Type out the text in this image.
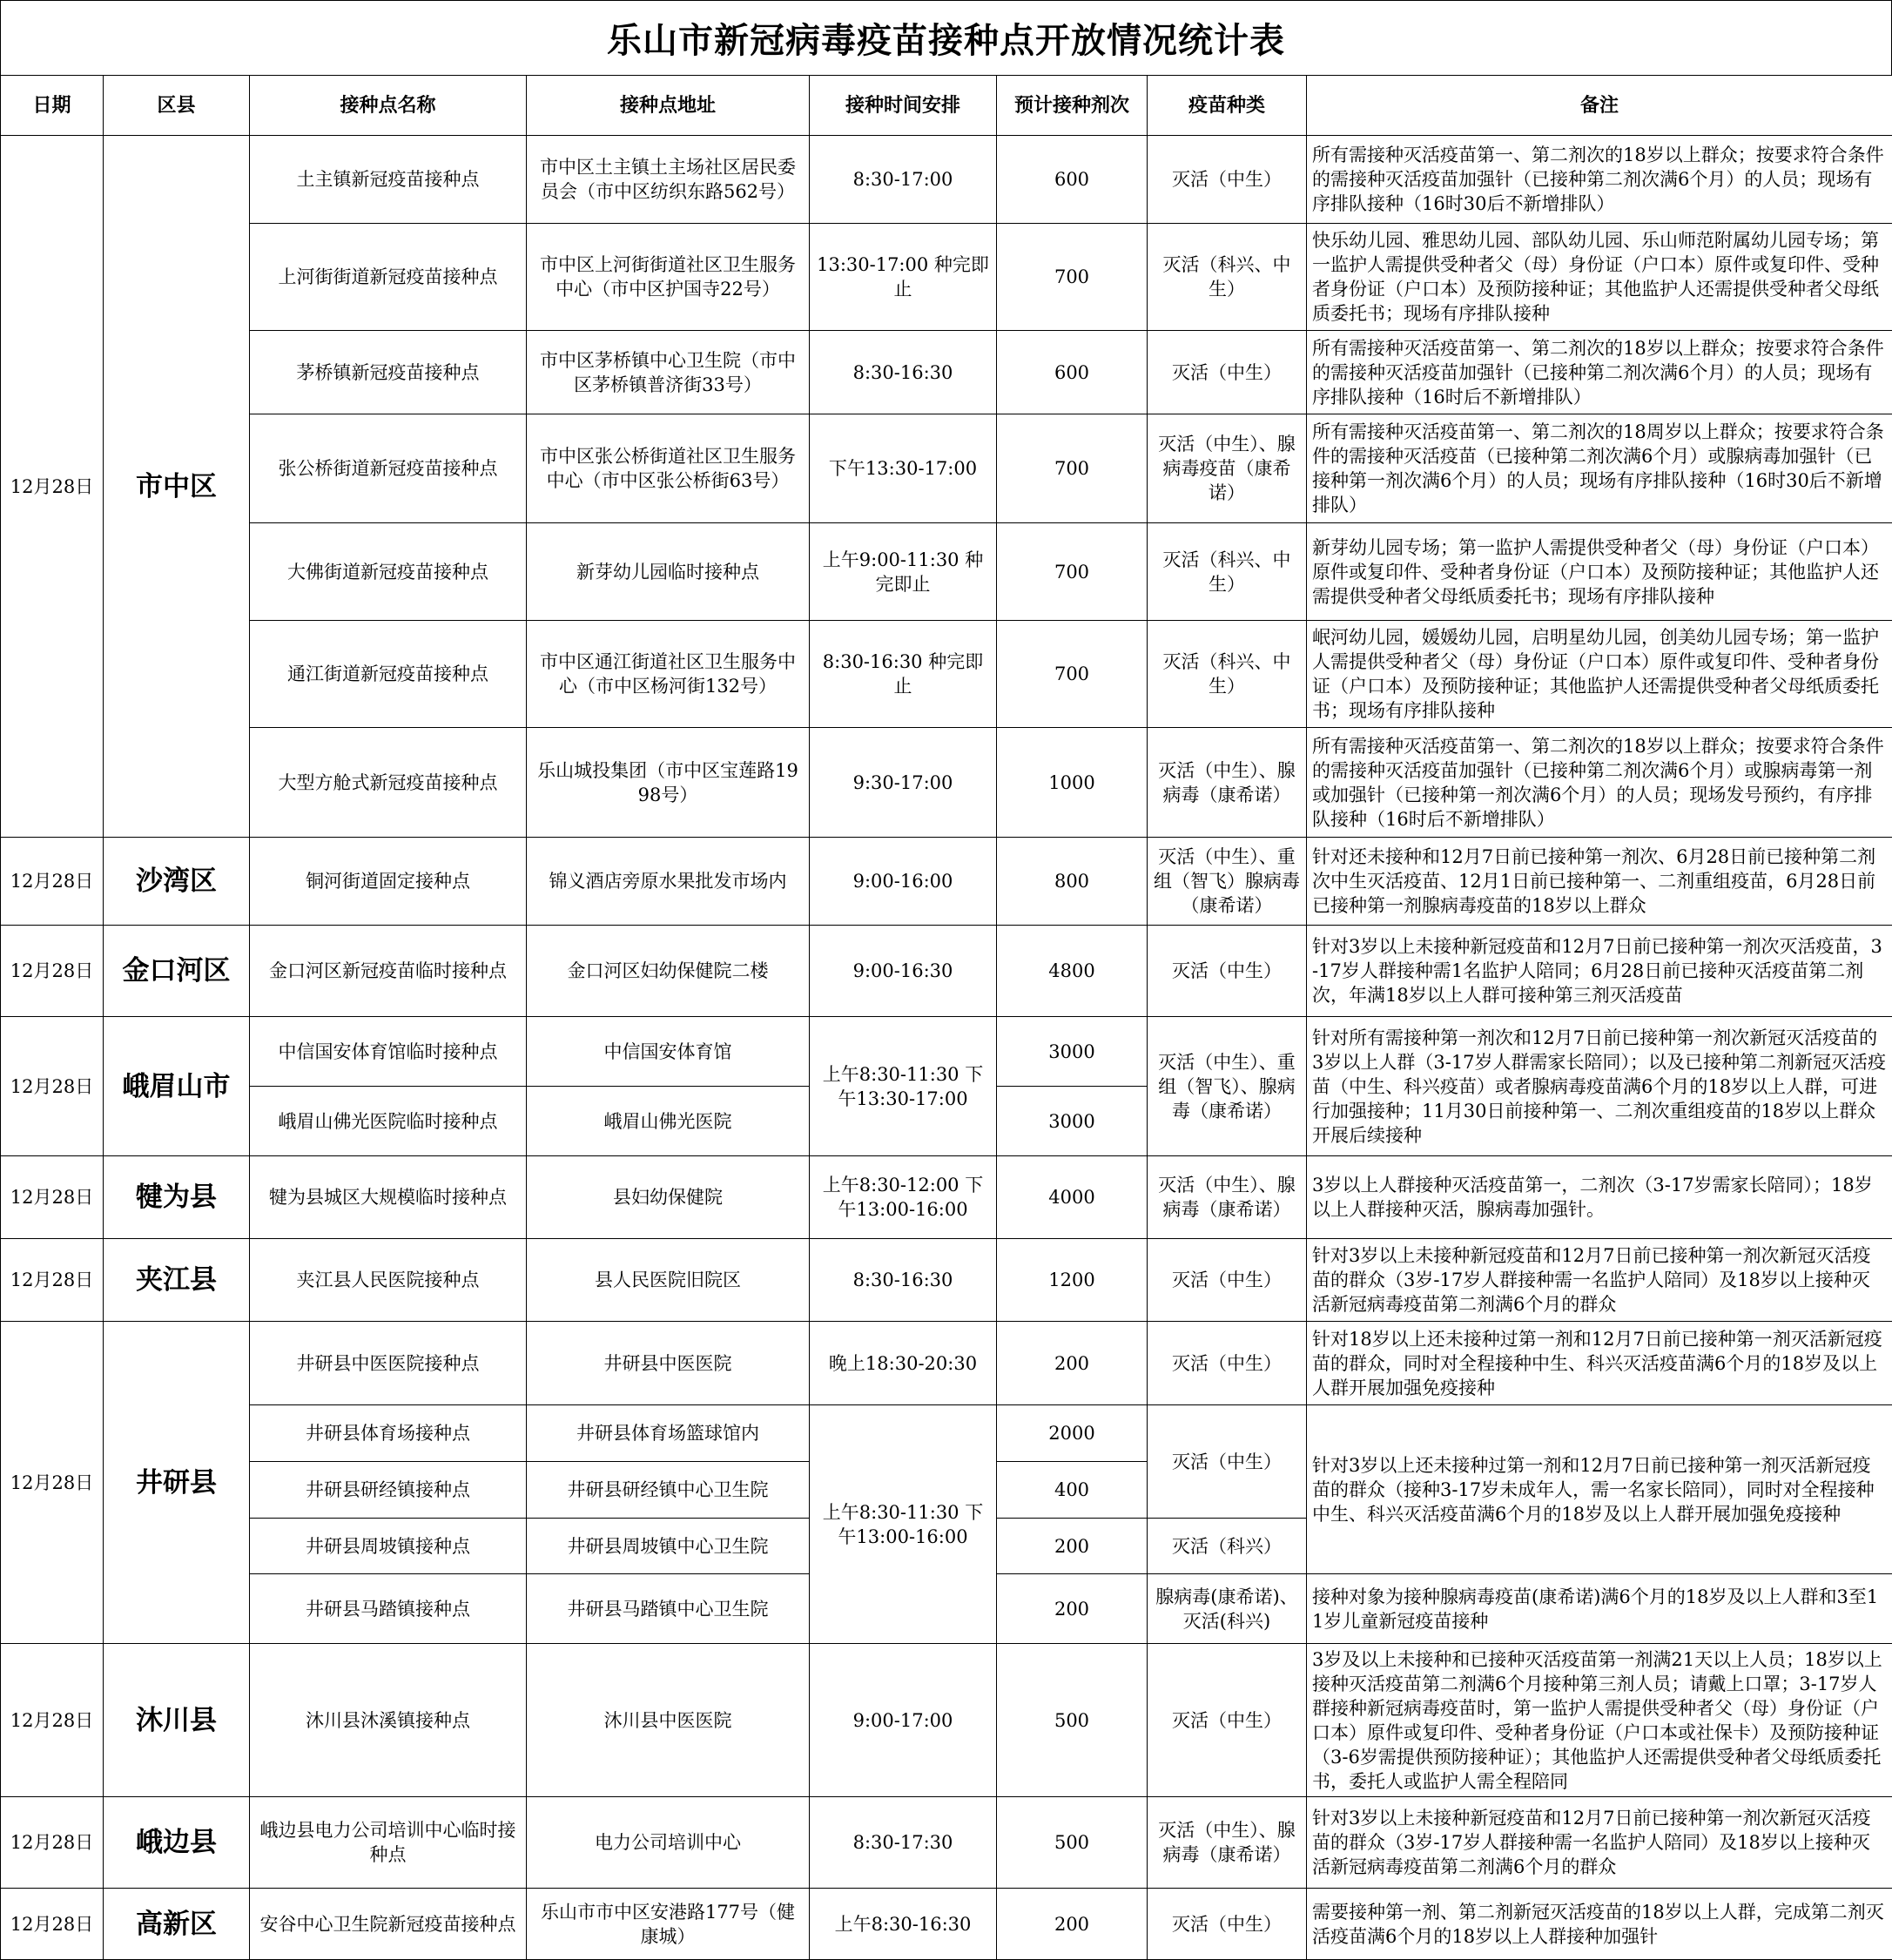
乐山市新冠病毒疫苗接种点开放情况统计表
日期	区县	接种点名称	接种点地址	接种时间安排	预计接种剂次	疫苗种类	备注
12月28日	市中区	土主镇新冠疫苗接种点	市中区土主镇土主场社区居民委员会（市中区纺织东路562号）	8:30-17:00	600	灭活（中生）	所有需接种灭活疫苗第一、第二剂次的18岁以上群众；按要求符合条件的需接种灭活疫苗加强针（已接种第二剂次满6个月）的人员；现场有序排队接种（16时30后不新增排队）
		上河街街道新冠疫苗接种点	市中区上河街街道社区卫生服务中心（市中区护国寺22号）	13:30-17:00 种完即止	700	灭活（科兴、中生）	快乐幼儿园、雅思幼儿园、部队幼儿园、乐山师范附属幼儿园专场；第一监护人需提供受种者父（母）身份证（户口本）原件或复印件、受种者身份证（户口本）及预防接种证；其他监护人还需提供受种者父母纸质委托书；现场有序排队接种
		茅桥镇新冠疫苗接种点	市中区茅桥镇中心卫生院（市中区茅桥镇普济街33号）	8:30-16:30	600	灭活（中生）	所有需接种灭活疫苗第一、第二剂次的18岁以上群众；按要求符合条件的需接种灭活疫苗加强针（已接种第二剂次满6个月）的人员；现场有序排队接种（16时后不新增排队）
		张公桥街道新冠疫苗接种点	市中区张公桥街道社区卫生服务中心（市中区张公桥街63号）	下午13:30-17:00	700	灭活（中生）、腺病毒疫苗（康希诺）	所有需接种灭活疫苗第一、第二剂次的18周岁以上群众；按要求符合条件的需接种灭活疫苗（已接种第二剂次满6个月）或腺病毒加强针（已接种第一剂次满6个月）的人员；现场有序排队接种（16时30后不新增排队）
		大佛街道新冠疫苗接种点	新芽幼儿园临时接种点	上午9:00-11:30 种完即止	700	灭活（科兴、中生）	新芽幼儿园专场；第一监护人需提供受种者父（母）身份证（户口本）原件或复印件、受种者身份证（户口本）及预防接种证；其他监护人还需提供受种者父母纸质委托书；现场有序排队接种
		通江街道新冠疫苗接种点	市中区通江街道社区卫生服务中心（市中区杨河街132号）	8:30-16:30 种完即止	700	灭活（科兴、中生）	岷河幼儿园，媛媛幼儿园，启明星幼儿园，创美幼儿园专场；第一监护人需提供受种者父（母）身份证（户口本）原件或复印件、受种者身份证（户口本）及预防接种证；其他监护人还需提供受种者父母纸质委托书；现场有序排队接种
		大型方舱式新冠疫苗接种点	乐山城投集团（市中区宝莲路1998号）	9:30-17:00	1000	灭活（中生）、腺病毒（康希诺）	所有需接种灭活疫苗第一、第二剂次的18岁以上群众；按要求符合条件的需接种灭活疫苗加强针（已接种第二剂次满6个月）或腺病毒第一剂或加强针（已接种第一剂次满6个月）的人员；现场发号预约，有序排队接种（16时后不新增排队）
12月28日	沙湾区	铜河街道固定接种点	锦义酒店旁原水果批发市场内	9:00-16:00	800	灭活（中生）、重组（智飞）腺病毒（康希诺）	针对还未接种和12月7日前已接种第一剂次、6月28日前已接种第二剂次中生灭活疫苗、12月1日前已接种第一、二剂重组疫苗，6月28日前已接种第一剂腺病毒疫苗的18岁以上群众
12月28日	金口河区	金口河区新冠疫苗临时接种点	金口河区妇幼保健院二楼	9:00-16:30	4800	灭活（中生）	针对3岁以上未接种新冠疫苗和12月7日前已接种第一剂次灭活疫苗，3-17岁人群接种需1名监护人陪同；6月28日前已接种灭活疫苗第二剂次，年满18岁以上人群可接种第三剂灭活疫苗
12月28日	峨眉山市	中信国安体育馆临时接种点	中信国安体育馆	上午8:30-11:30 下午13:30-17:00	3000	灭活（中生）、重组（智飞）、腺病毒（康希诺）	针对所有需接种第一剂次和12月7日前已接种第一剂次新冠灭活疫苗的3岁以上人群（3-17岁人群需家长陪同）；以及已接种第二剂新冠灭活疫苗（中生、科兴疫苗）或者腺病毒疫苗满6个月的18岁以上人群，可进行加强接种；11月30日前接种第一、二剂次重组疫苗的18岁以上群众开展后续接种
		峨眉山佛光医院临时接种点	峨眉山佛光医院		3000		
12月28日	犍为县	犍为县城区大规模临时接种点	县妇幼保健院	上午8:30-12:00 下午13:00-16:00	4000	灭活（中生）、腺病毒（康希诺）	3岁以上人群接种灭活疫苗第一，二剂次（3-17岁需家长陪同）；18岁以上人群接种灭活，腺病毒加强针。
12月28日	夹江县	夹江县人民医院接种点	县人民医院旧院区	8:30-16:30	1200	灭活（中生）	针对3岁以上未接种新冠疫苗和12月7日前已接种第一剂次新冠灭活疫苗的群众（3岁-17岁人群接种需一名监护人陪同）及18岁以上接种灭活新冠病毒疫苗第二剂满6个月的群众
12月28日	井研县	井研县中医医院接种点	井研县中医医院	晚上18:30-20:30	200	灭活（中生）	针对18岁以上还未接种过第一剂和12月7日前已接种第一剂灭活新冠疫苗的群众，同时对全程接种中生、科兴灭活疫苗满6个月的18岁及以上人群开展加强免疫接种
		井研县体育场接种点	井研县体育场篮球馆内	上午8:30-11:30 下午13:00-16:00	2000	灭活（中生）	针对3岁以上还未接种过第一剂和12月7日前已接种第一剂灭活新冠疫苗的群众（接种3-17岁未成年人，需一名家长陪同），同时对全程接种中生、科兴灭活疫苗满6个月的18岁及以上人群开展加强免疫接种
		井研县研经镇接种点	井研县研经镇中心卫生院		400		
		井研县周坡镇接种点	井研县周坡镇中心卫生院		200	灭活（科兴）	
		井研县马踏镇接种点	井研县马踏镇中心卫生院		200	腺病毒(康希诺)、灭活(科兴)	接种对象为接种腺病毒疫苗(康希诺)满6个月的18岁及以上人群和3至11岁儿童新冠疫苗接种
12月28日	沐川县	沐川县沐溪镇接种点	沐川县中医医院	9:00-17:00	500	灭活（中生）	3岁及以上未接种和已接种灭活疫苗第一剂满21天以上人员；18岁以上接种灭活疫苗第二剂满6个月接种第三剂人员；请戴上口罩；3-17岁人群接种新冠病毒疫苗时，第一监护人需提供受种者父（母）身份证（户口本）原件或复印件、受种者身份证（户口本或社保卡）及预防接种证（3-6岁需提供预防接种证）；其他监护人还需提供受种者父母纸质委托书，委托人或监护人需全程陪同
12月28日	峨边县	峨边县电力公司培训中心临时接种点	电力公司培训中心	8:30-17:30	500	灭活（中生）、腺病毒（康希诺）	针对3岁以上未接种新冠疫苗和12月7日前已接种第一剂次新冠灭活疫苗的群众（3岁-17岁人群接种需一名监护人陪同）及18岁以上接种灭活新冠病毒疫苗第二剂满6个月的群众
12月28日	高新区	安谷中心卫生院新冠疫苗接种点	乐山市市中区安港路177号（健康城）	上午8:30-16:30	200	灭活（中生）	需要接种第一剂、第二剂新冠灭活疫苗的18岁以上人群，完成第二剂灭活疫苗满6个月的18岁以上人群接种加强针
